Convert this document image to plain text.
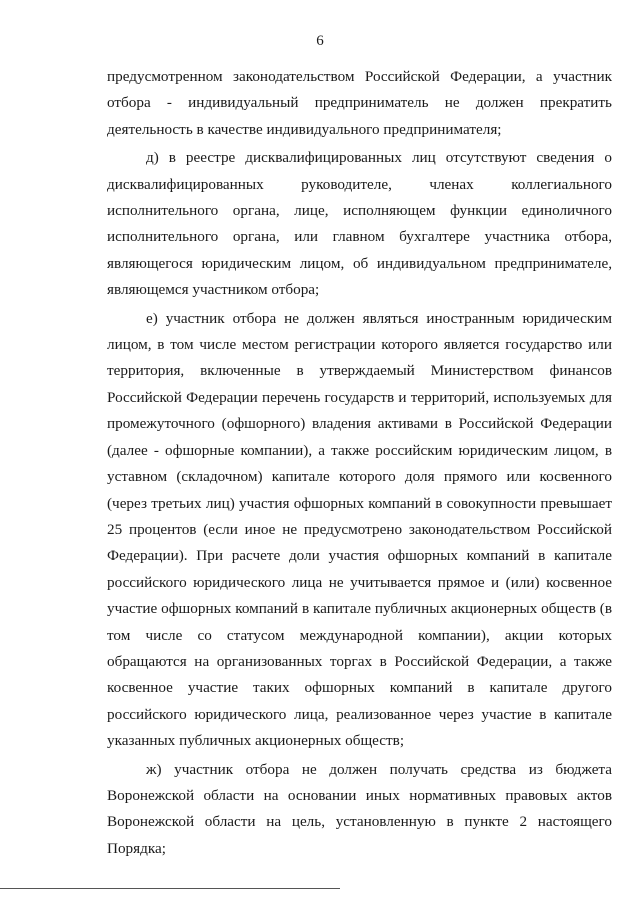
6

предусмотренном законодательством Российской Федерации, а участник отбора - индивидуальный предприниматель не должен прекратить деятельность в качестве индивидуального предпринимателя;

д) в реестре дисквалифицированных лиц отсутствуют сведения о дисквалифицированных руководителе, членах коллегиального исполнительного органа, лице, исполняющем функции единоличного исполнительного органа, или главном бухгалтере участника отбора, являющегося юридическим лицом, об индивидуальном предпринимателе, являющемся участником отбора;

е) участник отбора не должен являться иностранным юридическим лицом, в том числе местом регистрации которого является государство или территория, включенные в утверждаемый Министерством финансов Российской Федерации перечень государств и территорий, используемых для промежуточного (офшорного) владения активами в Российской Федерации (далее - офшорные компании), а также российским юридическим лицом, в уставном (складочном) капитале которого доля прямого или косвенного (через третьих лиц) участия офшорных компаний в совокупности превышает 25 процентов (если иное не предусмотрено законодательством Российской Федерации). При расчете доли участия офшорных компаний в капитале российского юридического лица не учитывается прямое и (или) косвенное участие офшорных компаний в капитале публичных акционерных обществ (в том числе со статусом международной компании), акции которых обращаются на организованных торгах в Российской Федерации, а также косвенное участие таких офшорных компаний в капитале другого российского юридического лица, реализованное через участие в капитале указанных публичных акционерных обществ;

ж) участник отбора не должен получать средства из бюджета Воронежской области на основании иных нормативных правовых актов Воронежской области на цель, установленную в пункте 2 настоящего Порядка;
